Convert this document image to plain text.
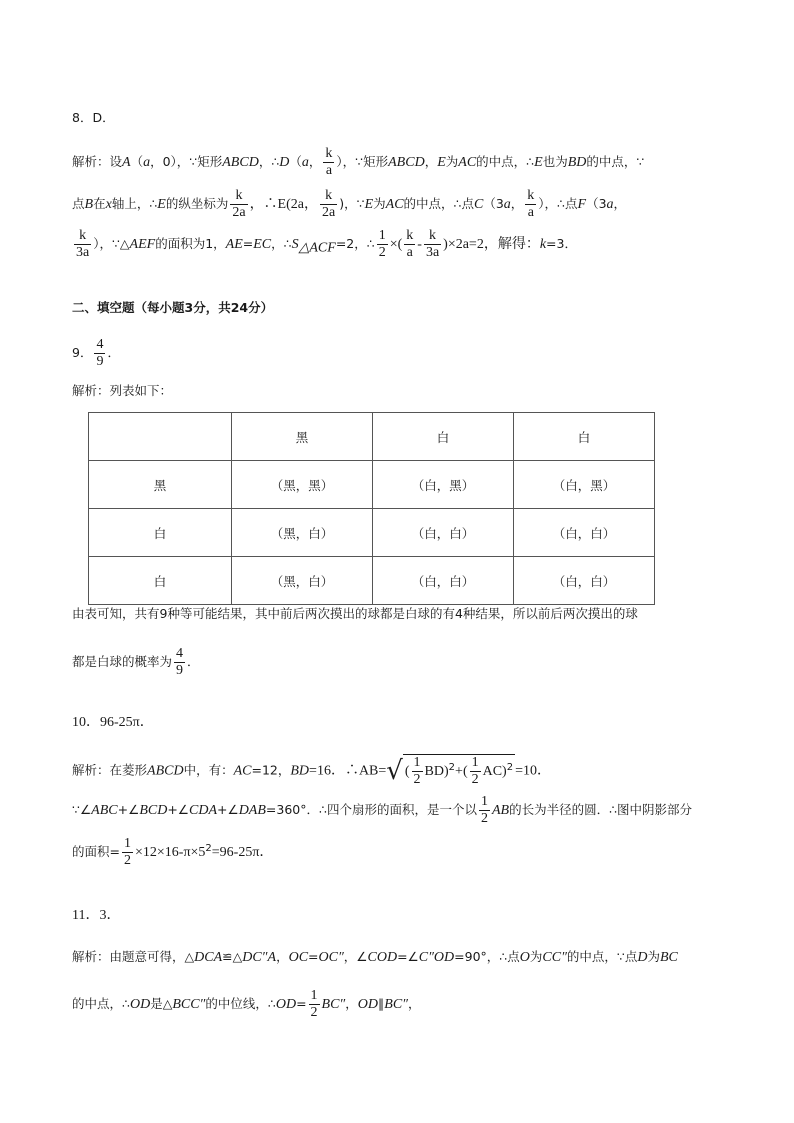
8．D．
解析：设A（a，0），∵矩形ABCD，∴D（a， $\frac{k}{a}$ ），∵矩形ABCD，E为AC的中点，∴E也为BD的中点，∵
点B在x轴上，∴E的纵坐标为 $\frac{k}{2a}$ ，∴E(2a， $\frac{k}{2a}$ )，∵E为AC的中点，∴点C（3a， $\frac{k}{a}$ ），∴点F（3a，
$\frac{k}{3a}$ ），∵△AEF的面积为1，AE=EC，$\therefore S_{\triangle ACF}=2$，∴ $\frac{1}{2}$ ×( $\frac{k}{a} - \frac{k}{3a} )\times 2a=2$，解得：k=3．
二、填空题（每小题3分，共24分）
9． $\frac{4}{9}$ ．
解析：列表如下：
	黑	白	白
黑	（黑，黑）	（白，黑）	（白，黑）
白	（黑，白）	（白，白）	（白，白）
白	（黑，白）	（白，白）	（白，白）
由表可知，共有9种等可能结果，其中前后两次摸出的球都是白球的有4种结果，所以前后两次摸出的球
都是白球的概率为 $\frac{4}{9}$ ．
10．96-25π．
解析：在菱形ABCD中，有：AC=12，BD=16．∴AB=√ ( $\frac{1}{2} BD)^2+( \frac{1}{2} AC)^2 =10$．
∵∠ABC+∠BCD+∠CDA+∠DAB=360°．∴四个扇形的面积，是一个以 $\frac{1}{2}$ AB的长为半径的圆．∴图中阴影部分
的面积= $\frac{1}{2} \times 12\times 16-\pi\times 5^2=96-25\pi$．
11．3．
解析：由题意可得，△DCA≌△DC″A，OC=OC″，∠COD=∠C″OD=90°，∴点O为CC″的中点，∵点D为BC
的中点，∴OD是△BCC″的中位线，∴OD= $\frac{1}{2} BC''$，OD∥BC″，
